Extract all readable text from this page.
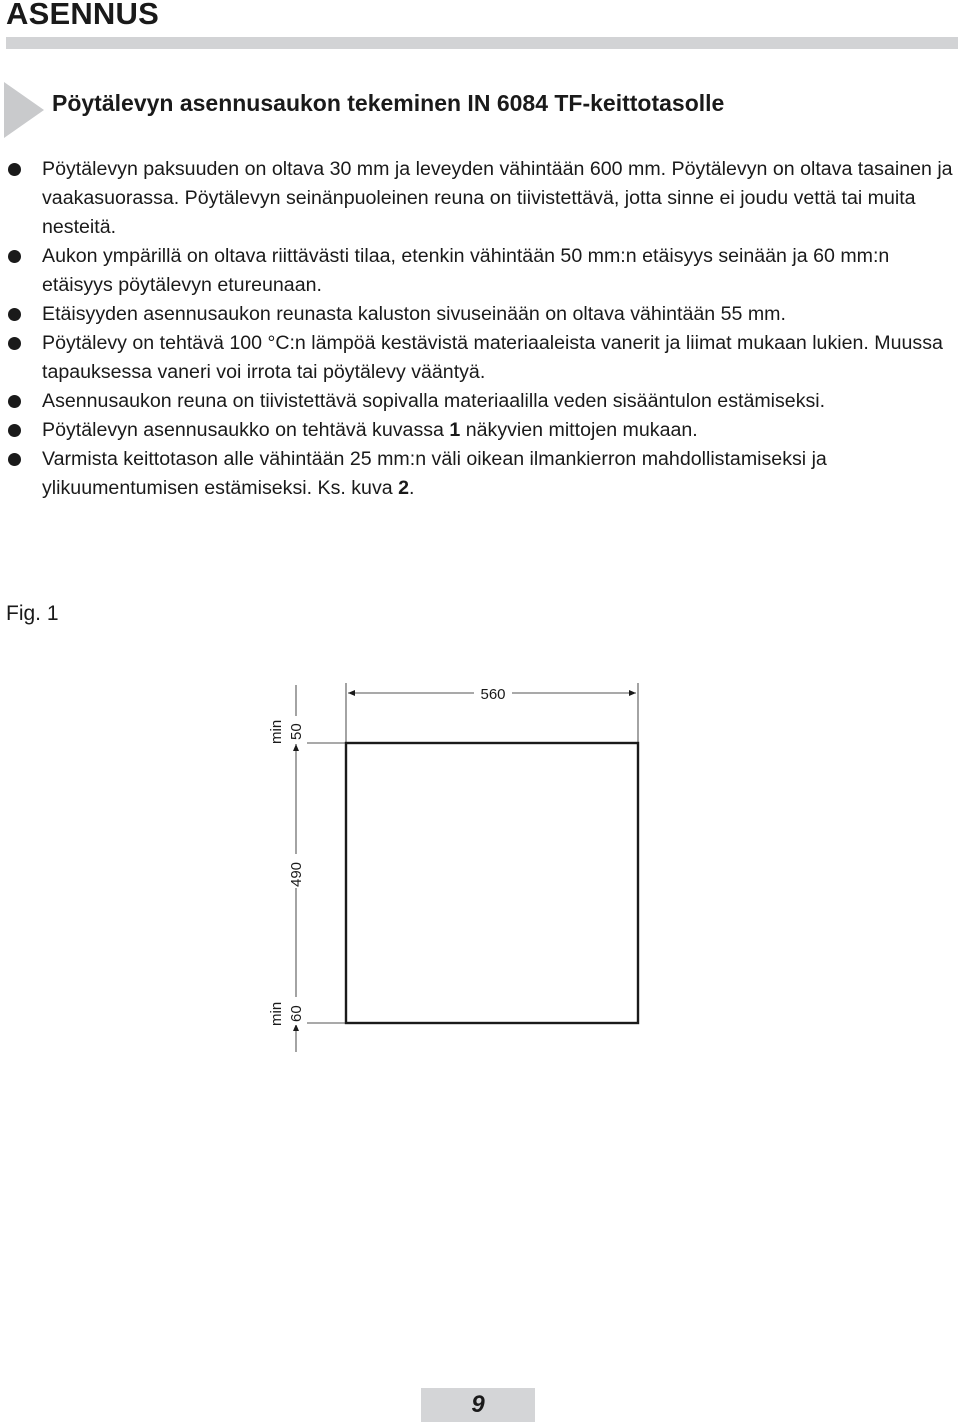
ASENNUS
Pöytälevyn asennusaukon tekeminen IN 6084 TF-keittotasolle
Pöytälevyn paksuuden on oltava 30 mm ja leveyden vähintään 600 mm. Pöytälevyn on oltava tasainen ja vaakasuorassa. Pöytälevyn seinänpuoleinen reuna on tiivistettävä, jotta sinne ei joudu vettä tai muita nesteitä.
Aukon ympärillä on oltava riittävästi tilaa, etenkin vähintään 50 mm:n etäisyys seinään ja 60 mm:n etäisyys pöytälevyn etureunaan.
Etäisyyden asennusaukon reunasta kaluston sivuseinään on oltava vähintään 55 mm.
Pöytälevy on tehtävä 100 °C:n lämpöä kestävistä materiaaleista vanerit ja liimat mukaan lukien. Muussa tapauksessa vaneri voi irrota tai pöytälevy vääntyä.
Asennusaukon reuna on tiivistettävä sopivalla materiaalilla veden sisääntulon estämiseksi.
Pöytälevyn asennusaukko on tehtävä kuvassa 1 näkyvien mittojen mukaan.
Varmista keittotason alle vähintään 25 mm:n väli oikean ilmankierron mahdollistamiseksi ja ylikuumentumisen estämiseksi. Ks. kuva 2.
Fig. 1
560
min 50
490
min 60
9
